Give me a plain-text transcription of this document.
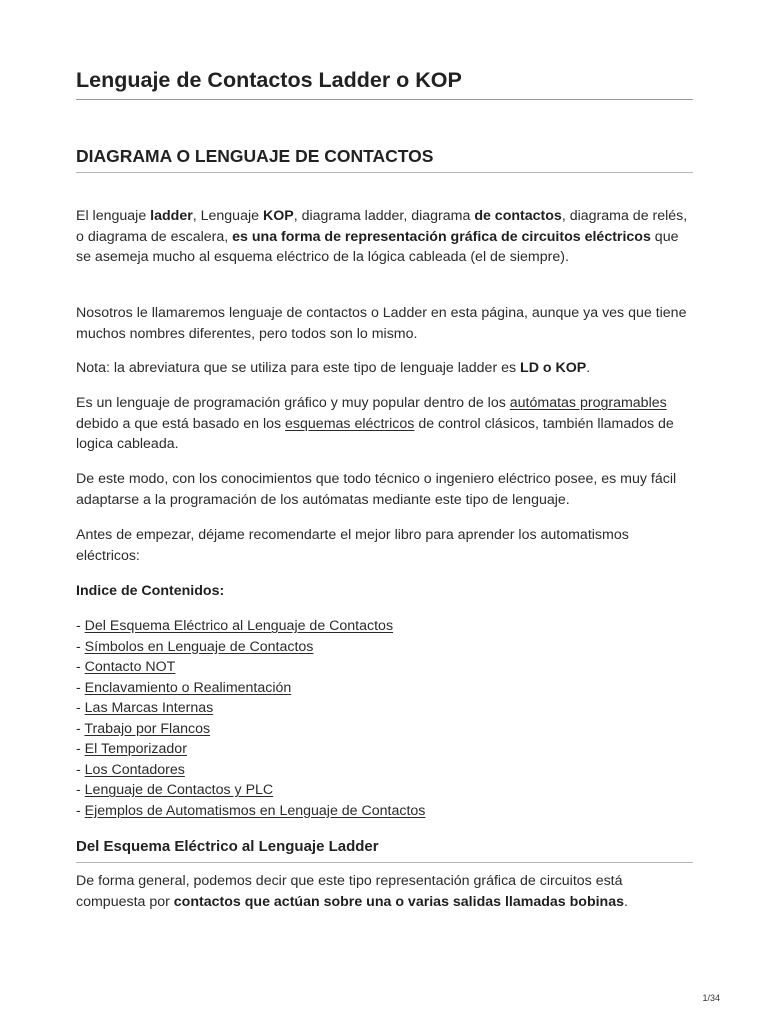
Lenguaje de Contactos Ladder o KOP
DIAGRAMA O LENGUAJE DE CONTACTOS

El lenguaje ladder, Lenguaje KOP, diagrama ladder, diagrama de contactos, diagrama de relés, o diagrama de escalera, es una forma de representación gráfica de circuitos eléctricos que se asemeja mucho al esquema eléctrico de la lógica cableada (el de siempre).

Nosotros le llamaremos lenguaje de contactos o Ladder en esta página, aunque ya ves que tiene muchos nombres diferentes, pero todos son lo mismo.

Nota: la abreviatura que se utiliza para este tipo de lenguaje ladder es LD o KOP.

Es un lenguaje de programación gráfico y muy popular dentro de los autómatas programables debido a que está basado en los esquemas eléctricos de control clásicos, también llamados de logica cableada.

De este modo, con los conocimientos que todo técnico o ingeniero eléctrico posee, es muy fácil adaptarse a la programación de los autómatas mediante este tipo de lenguaje.

Antes de empezar, déjame recomendarte el mejor libro para aprender los automatismos eléctricos:

Indice de Contenidos:

- Del Esquema Eléctrico al Lenguaje de Contactos
- Símbolos en Lenguaje de Contactos
- Contacto NOT
- Enclavamiento o Realimentación
- Las Marcas Internas
- Trabajo por Flancos
- El Temporizador
- Los Contadores
- Lenguaje de Contactos y PLC
- Ejemplos de Automatismos en Lenguaje de Contactos
Del Esquema Eléctrico al Lenguaje Ladder

De forma general, podemos decir que este tipo representación gráfica de circuitos está compuesta por contactos que actúan sobre una o varias salidas llamadas bobinas.

1/34
